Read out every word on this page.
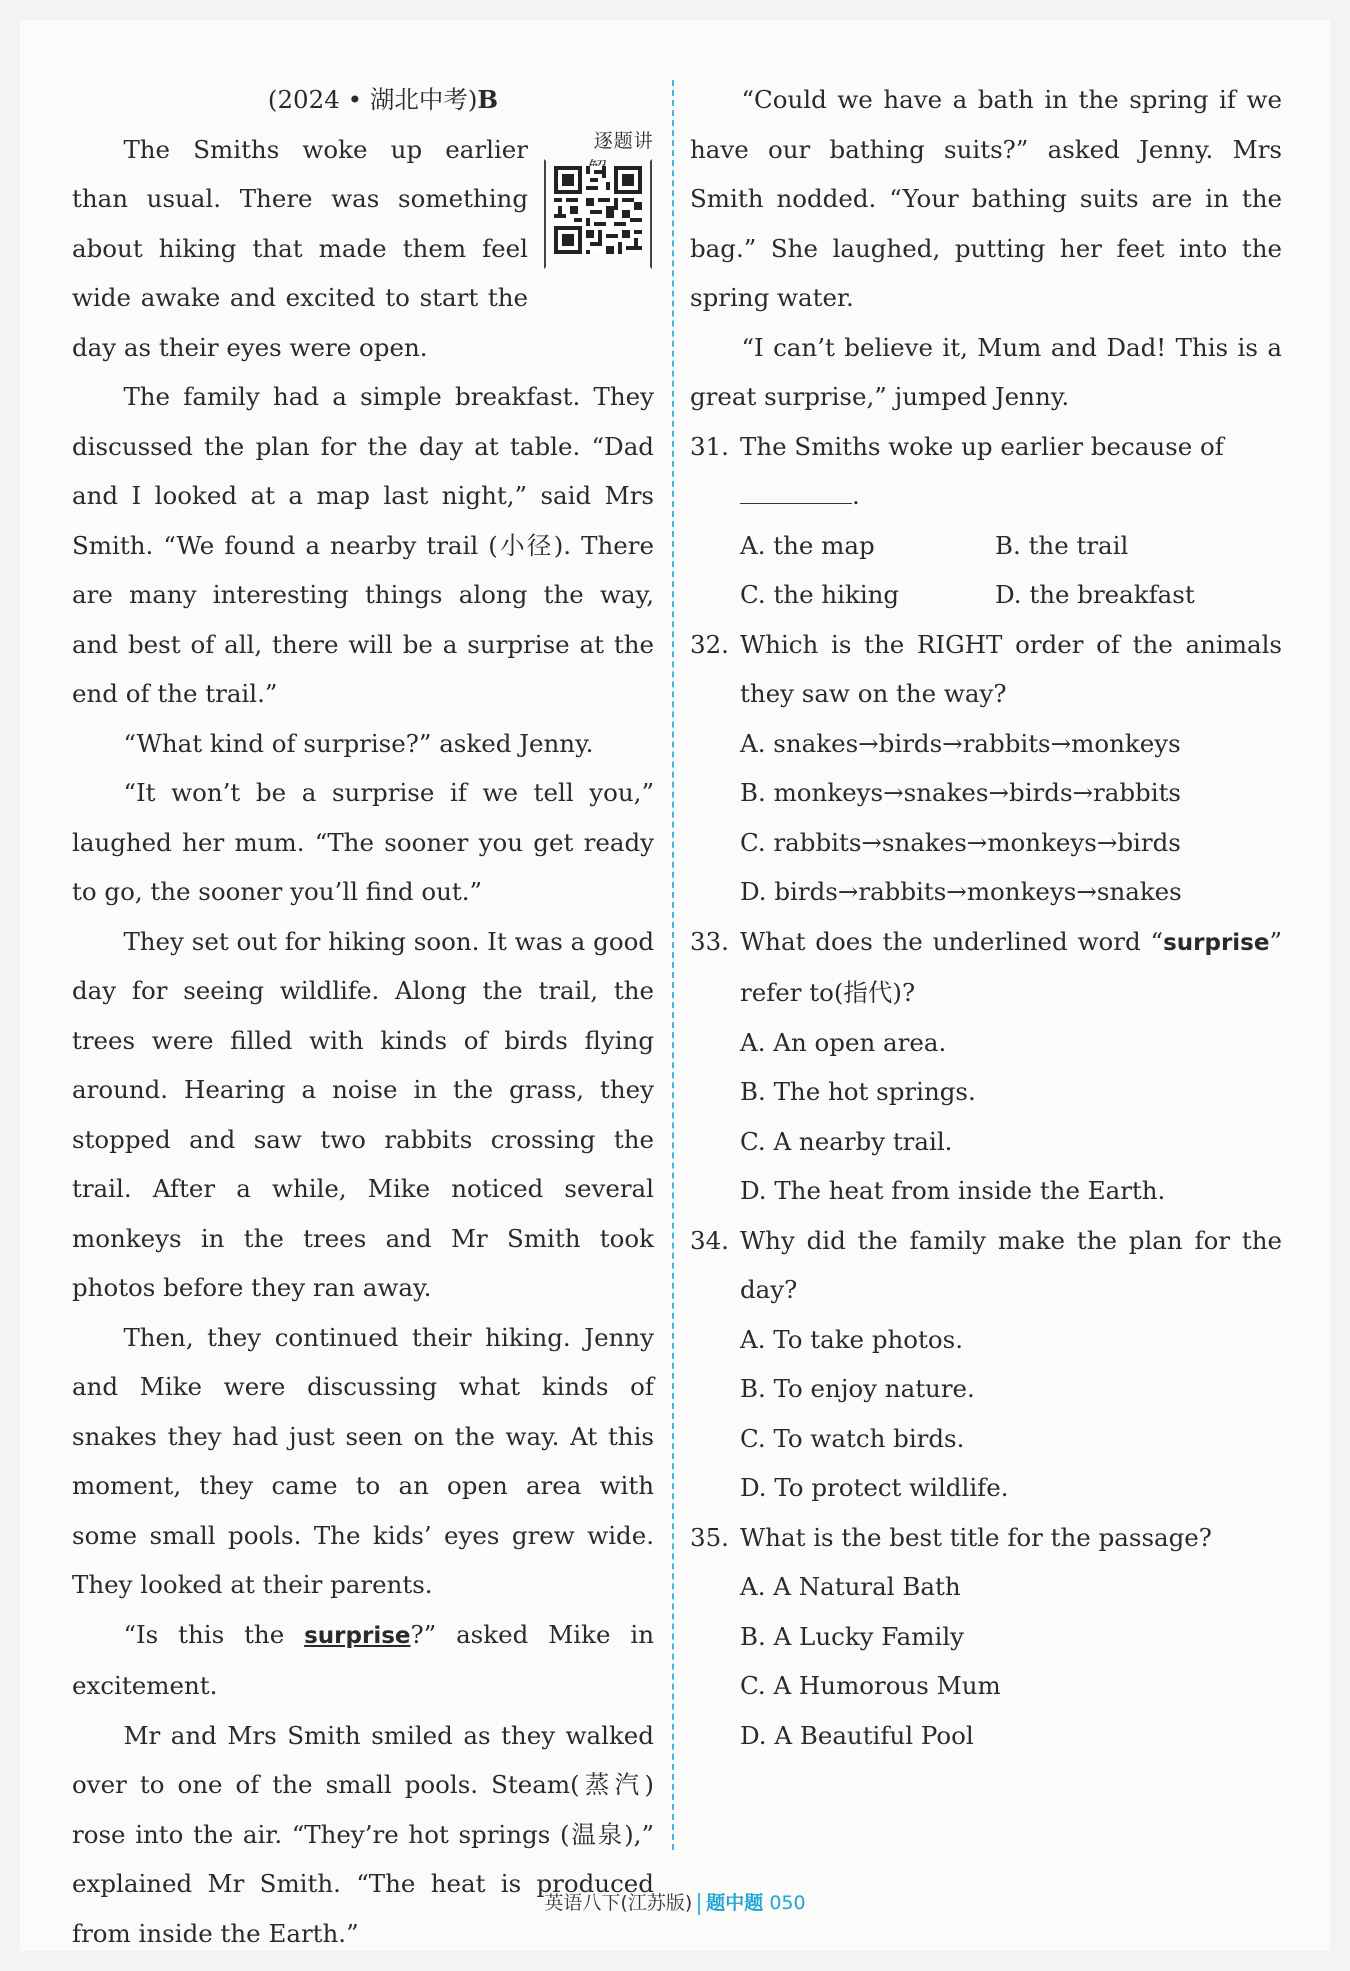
(2024 • 湖北中考)B

逐题讲
The Smiths woke up earlier than usual. There was something about hiking that made them feel wide awake and excited to start the day as their eyes were open.

The family had a simple breakfast. They discussed the plan for the day at table. “Dad and I looked at a map last night,” said Mrs Smith. “We found a nearby trail (小径). There are many interesting things along the way, and best of all, there will be a surprise at the end of the trail.”

“What kind of surprise?” asked Jenny.

“It won’t be a surprise if we tell you,” laughed her mum. “The sooner you get ready to go, the sooner you’ll find out.”

They set out for hiking soon. It was a good day for seeing wildlife. Along the trail, the trees were filled with kinds of birds flying around. Hearing a noise in the grass, they stopped and saw two rabbits crossing the trail. After a while, Mike noticed several monkeys in the trees and Mr Smith took photos before they ran away.

Then, they continued their hiking. Jenny and Mike were discussing what kinds of snakes they had just seen on the way. At this moment, they came to an open area with some small pools. The kids’ eyes grew wide. They looked at their parents.

“Is this the surprise?” asked Mike in excitement.

Mr and Mrs Smith smiled as they walked over to one of the small pools. Steam(蒸汽) rose into the air. “They’re hot springs (温泉),” explained Mr Smith. “The heat is produced from inside the Earth.”

“Could we have a bath in the spring if we have our bathing suits?” asked Jenny. Mrs Smith nodded. “Your bathing suits are in the bag.” She laughed, putting her feet into the spring water.

“I can’t believe it, Mum and Dad! This is a great surprise,” jumped Jenny.

31. The Smiths woke up earlier because of
.
A. the map	B. the trail
C. the hiking	D. the breakfast
32. Which is the RIGHT order of the animals they saw on the way?
A. snakes→birds→rabbits→monkeys
B. monkeys→snakes→birds→rabbits
C. rabbits→snakes→monkeys→birds
D. birds→rabbits→monkeys→snakes
33. What does the underlined word “surprise” refer to(指代)?
A. An open area.
B. The hot springs.
C. A nearby trail.
D. The heat from inside the Earth.
34. Why did the family make the plan for the day?
A. To take photos.
B. To enjoy nature.
C. To watch birds.
D. To protect wildlife.
35. What is the best title for the passage?
A. A Natural Bath
B. A Lucky Family
C. A Humorous Mum
D. A Beautiful Pool
英语八下(江苏版) 题中题 050
